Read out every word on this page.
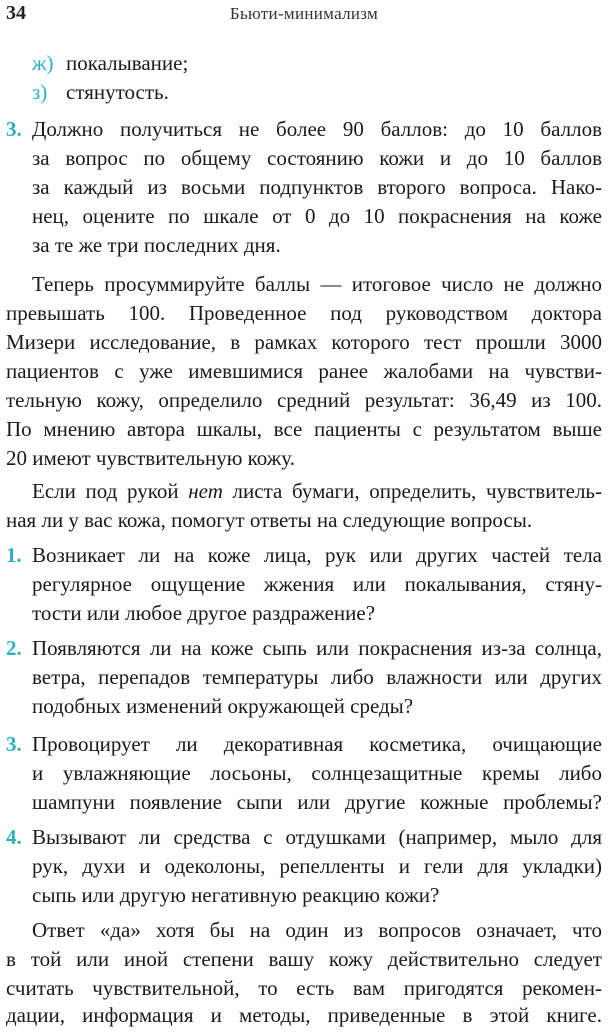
34	Бьюти-минимализм
ж) покалывание;
з) стянутость.
3. Должно получиться не более 90 баллов: до 10 баллов
за вопрос по общему состоянию кожи и до 10 баллов
за каждый из восьми подпунктов второго вопроса. Нако-
нец, оцените по шкале от 0 до 10 покраснения на коже
за те же три последних дня.
Теперь просуммируйте баллы — итоговое число не должно
превышать 100. Проведенное под руководством доктора
Мизери исследование, в рамках которого тест прошли 3000
пациентов с уже имевшимися ранее жалобами на чувстви-
тельную кожу, определило средний результат: 36,49 из 100.
По мнению автора шкалы, все пациенты с результатом выше
20 имеют чувствительную кожу.
Если под рукой нет листа бумаги, определить, чувствитель-
ная ли у вас кожа, помогут ответы на следующие вопросы.
1. Возникает ли на коже лица, рук или других частей тела
регулярное ощущение жжения или покалывания, стяну-
тости или любое другое раздражение?
2. Появляются ли на коже сыпь или покраснения из-за солнца,
ветра, перепадов температуры либо влажности или других
подобных изменений окружающей среды?
3. Провоцирует ли декоративная косметика, очищающие
и увлажняющие лосьоны, солнцезащитные кремы либо
шампуни появление сыпи или другие кожные проблемы?
4. Вызывают ли средства с отдушками (например, мыло для
рук, духи и одеколоны, репелленты и гели для укладки)
сыпь или другую негативную реакцию кожи?
Ответ «да» хотя бы на один из вопросов означает, что
в той или иной степени вашу кожу действительно следует
считать чувствительной, то есть вам пригодятся рекомен-
дации, информация и методы, приведенные в этой книге.
